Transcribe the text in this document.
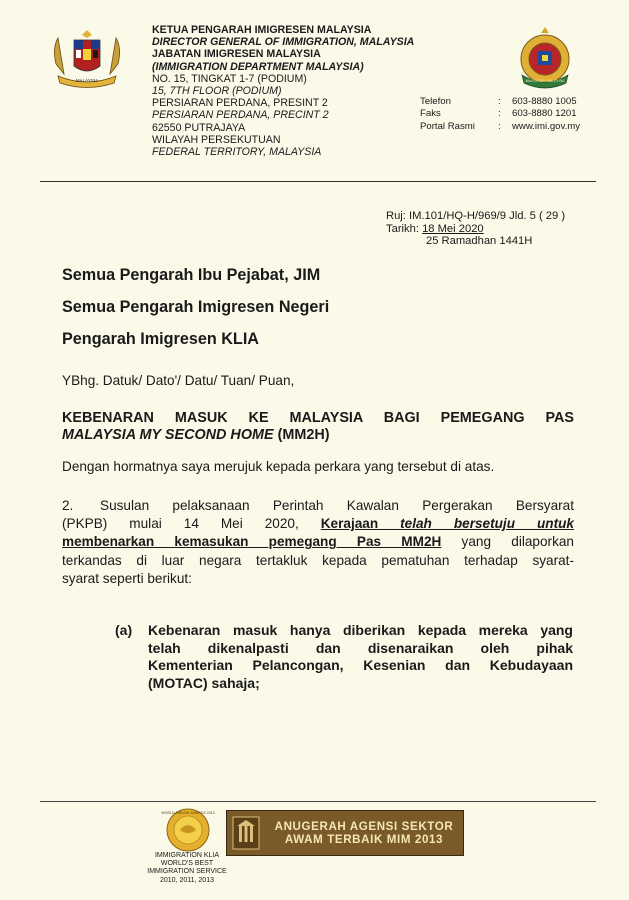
MALAYSIA
KETUA PENGARAH IMIGRESEN MALAYSIA
DIRECTOR GENERAL OF IMMIGRATION, MALAYSIA
JABATAN IMIGRESEN MALAYSIA
(IMMIGRATION DEPARTMENT MALAYSIA)
NO. 15, TINGKAT 1-7 (PODIUM)
15, 7TH FLOOR (PODIUM)
PERSIARAN PERDANA, PRESINT 2
PERSIARAN PERDANA, PRECINT 2
62550 PUTRAJAYA
WILAYAH PERSEKUTUAN
FEDERAL TERRITORY, MALAYSIA
IMIGRESEN MALAYSIA
Telefon	:	603-8880 1005
Faks	:	603-8880 1201
Portal Rasmi	:	www.imi.gov.my
Ruj: IM.101/HQ-H/969/9 Jld. 5 ( 29 )
Tarikh: 18 Mei 2020
25 Ramadhan 1441H
Semua Pengarah Ibu Pejabat, JIM
Semua Pengarah Imigresen Negeri
Pengarah Imigresen KLIA
YBhg. Datuk/ Dato'/ Datu/ Tuan/ Puan,
KEBENARAN MASUK KE MALAYSIA BAGI PEMEGANG PAS
MALAYSIA MY SECOND HOME (MM2H)
Dengan hormatnya saya merujuk kepada perkara yang tersebut di atas.
2. Susulan pelaksanaan Perintah Kawalan Pergerakan Bersyarat
(PKPB) mulai 14 Mei 2020, Kerajaan telah bersetuju untuk
membenarkan kemasukan pemegang Pas MM2H yang dilaporkan
terkandas di luar negara tertakluk kepada pematuhan terhadap syarat-
syarat seperti berikut:
(a) Kebenaran masuk hanya diberikan kepada mereka yang
telah dikenalpasti dan disenaraikan oleh pihak
Kementerian Pelancongan, Kesenian dan Kebudayaan
(MOTAC) sahaja;
WORLD AIRLINE AWARDS 2013
IMMIGRATION KLIA
WORLD'S BEST
IMMIGRATION SERVICE
2010, 2011, 2013
ANUGERAH AGENSI SEKTOR
AWAM TERBAIK MIM 2013
